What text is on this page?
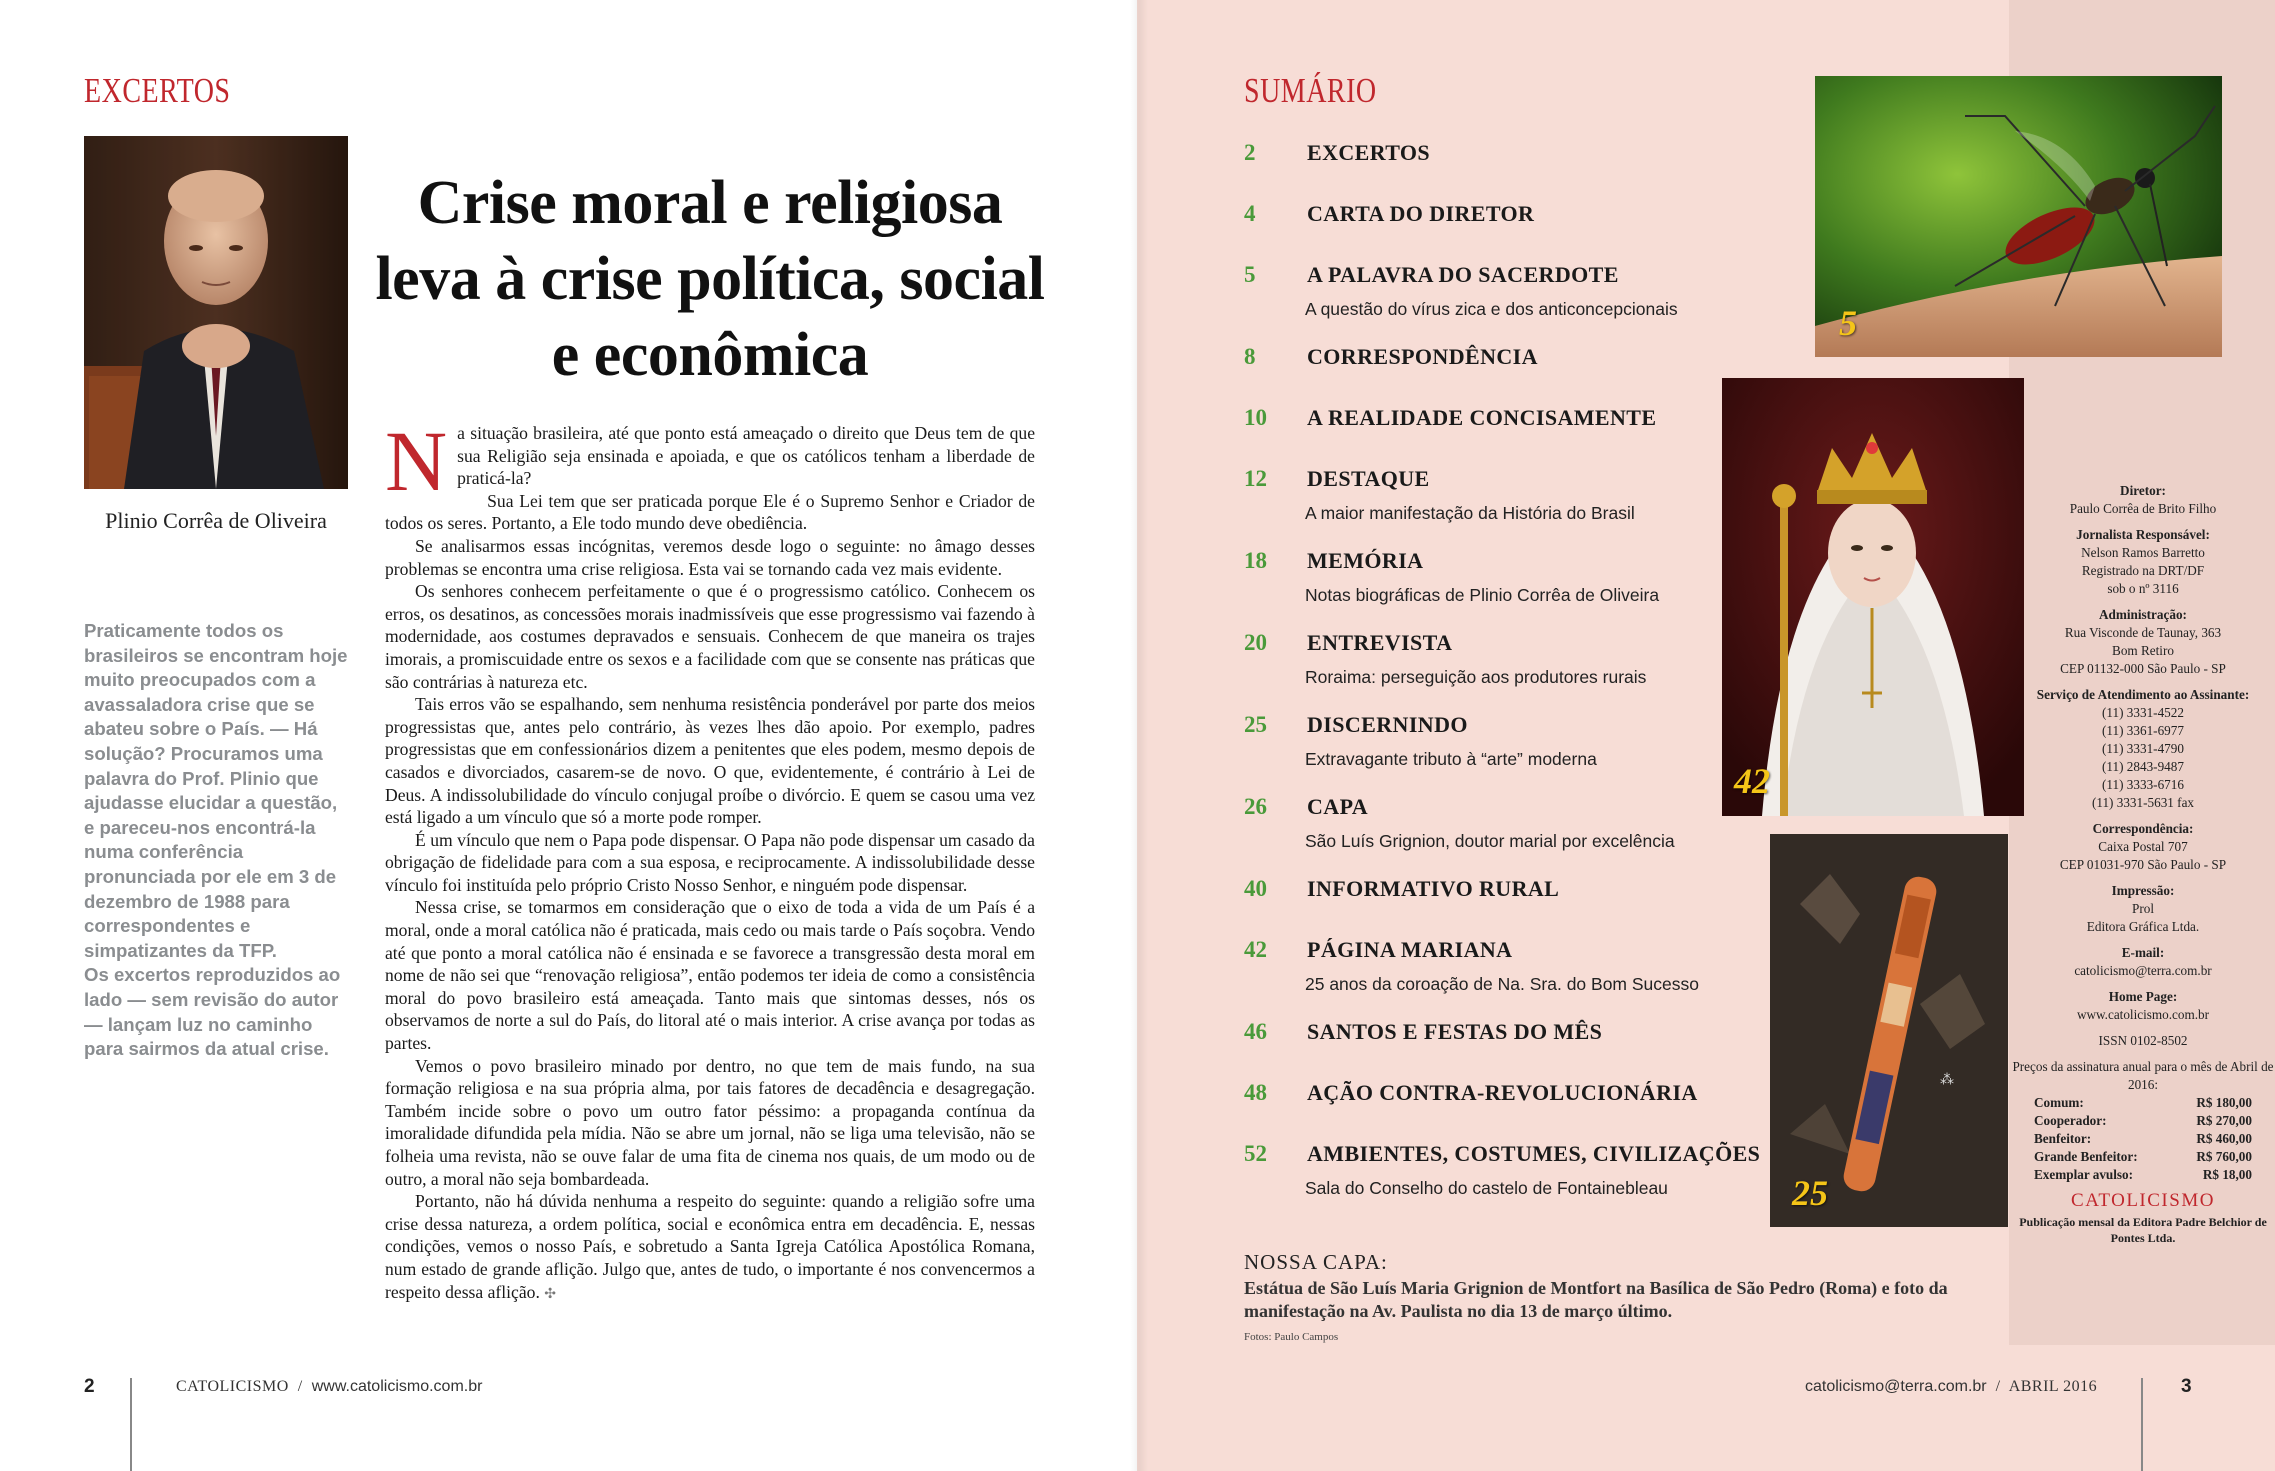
EXCERTOS
Plinio Corrêa de Oliveira

Praticamente todos os brasileiros se encontram hoje muito preocupados com a avassaladora crise que se abateu sobre o País. — Há solução? Procuramos uma palavra do Prof. Plinio que ajudasse elucidar a questão, e pareceu-nos encontrá-la numa conferência pronunciada por ele em 3 de dezembro de 1988 para correspondentes e simpatizantes da TFP.

Os excertos reproduzidos ao lado — sem revisão do autor — lançam luz no caminho para sairmos da atual crise.

Crise moral e religiosa leva à crise política, social e econômica
N a situação brasileira, até que ponto está ameaçado o direito que Deus tem de que sua Religião seja ensinada e apoiada, e que os católicos tenham a liberdade de praticá-la?

Sua Lei tem que ser praticada porque Ele é o Supremo Senhor e Criador de todos os seres. Portanto, a Ele todo mundo deve obediência.

Se analisarmos essas incógnitas, veremos desde logo o seguinte: no âmago desses problemas se encontra uma crise religiosa. Esta vai se tornando cada vez mais evidente.

Os senhores conhecem perfeitamente o que é o progressismo católico. Conhecem os erros, os desatinos, as concessões morais inadmissíveis que esse progressismo vai fazendo à modernidade, aos costumes depravados e sensuais. Conhecem de que maneira os trajes imorais, a promiscuidade entre os sexos e a facilidade com que se consente nas práticas que são contrárias à natureza etc.

Tais erros vão se espalhando, sem nenhuma resistência ponderável por parte dos meios progressistas que, antes pelo contrário, às vezes lhes dão apoio. Por exemplo, padres progressistas que em confessionários dizem a penitentes que eles podem, mesmo depois de casados e divorciados, casarem-se de novo. O que, evidentemente, é contrário à Lei de Deus. A indissolubilidade do vínculo conjugal proíbe o divórcio. E quem se casou uma vez está ligado a um vínculo que só a morte pode romper.

É um vínculo que nem o Papa pode dispensar. O Papa não pode dispensar um casado da obrigação de fidelidade para com a sua esposa, e reciprocamente. A indissolubilidade desse vínculo foi instituída pelo próprio Cristo Nosso Senhor, e ninguém pode dispensar.

Nessa crise, se tomarmos em consideração que o eixo de toda a vida de um País é a moral, onde a moral católica não é praticada, mais cedo ou mais tarde o País soçobra. Vendo até que ponto a moral católica não é ensinada e se favorece a transgressão desta moral em nome de não sei que “renovação religiosa”, então podemos ter ideia de como a consistência moral do povo brasileiro está ameaçada. Tanto mais que sintomas desses, nós os observamos de norte a sul do País, do litoral até o mais interior. A crise avança por todas as partes.

Vemos o povo brasileiro minado por dentro, no que tem de mais fundo, na sua formação religiosa e na sua própria alma, por tais fatores de decadência e desagregação. Também incide sobre o povo um outro fator péssimo: a propaganda contínua da imoralidade difundida pela mídia. Não se abre um jornal, não se liga uma televisão, não se folheia uma revista, não se ouve falar de uma fita de cinema nos quais, de um modo ou de outro, a moral não seja bombardeada.

Portanto, não há dúvida nenhuma a respeito do seguinte: quando a religião sofre uma crise dessa natureza, a ordem política, social e econômica entra em decadência. E, nessas condições, vemos o nosso País, e sobretudo a Santa Igreja Católica Apostólica Romana, num estado de grande aflição. Julgo que, antes de tudo, o importante é nos convencermos a respeito dessa aflição. ✣

2	CATOLICISMO / www.catolicismo.com.br
SUMÁRIO
2 EXCERTOS
4 CARTA DO DIRETOR
5 A PALAVRA DO SACERDOTE
A questão do vírus zica e dos anticoncepcionais
8 CORRESPONDÊNCIA
10 A REALIDADE CONCISAMENTE
12 DESTAQUE
A maior manifestação da História do Brasil
18 MEMÓRIA
Notas biográficas de Plinio Corrêa de Oliveira
20 ENTREVISTA
Roraima: perseguição aos produtores rurais
25 DISCERNINDO
Extravagante tributo à “arte” moderna
26 CAPA
São Luís Grignion, doutor marial por excelência
40 INFORMATIVO RURAL
42 PÁGINA MARIANA
25 anos da coroação de Na. Sra. do Bom Sucesso
46 SANTOS E FESTAS DO MÊS
48 AÇÃO CONTRA-REVOLUCIONÁRIA
52 AMBIENTES, COSTUMES, CIVILIZAÇÕES
Sala do Conselho do castelo de Fontainebleau
5
42
⁂
25
NOSSA CAPA:
Estátua de São Luís Maria Grignion de Montfort na Basílica de São Pedro (Roma) e foto da manifestação na Av. Paulista no dia 13 de março último.
Fotos: Paulo Campos
Diretor:
Paulo Corrêa de Brito Filho
Jornalista Responsável:
Nelson Ramos Barretto
Registrado na DRT/DF
sob o nº 3116
Administração:
Rua Visconde de Taunay, 363
Bom Retiro
CEP 01132-000 São Paulo - SP
Serviço de Atendimento ao Assinante:
(11) 3331-4522
(11) 3361-6977
(11) 3331-4790
(11) 2843-9487
(11) 3333-6716
(11) 3331-5631 fax
Correspondência:
Caixa Postal 707
CEP 01031-970 São Paulo - SP
Impressão:
Prol
Editora Gráfica Ltda.
E-mail:
catolicismo@terra.com.br
Home Page:
www.catolicismo.com.br
ISSN 0102-8502
Preços da assinatura anual para o mês de Abril de 2016:
Comum:	R$ 180,00
Cooperador:	R$ 270,00
Benfeitor:	R$ 460,00
Grande Benfeitor:	R$ 760,00
Exemplar avulso:	R$ 18,00
CATOLICISMO
Publicação mensal da Editora Padre Belchior de Pontes Ltda.
catolicismo@terra.com.br / ABRIL 2016	3
